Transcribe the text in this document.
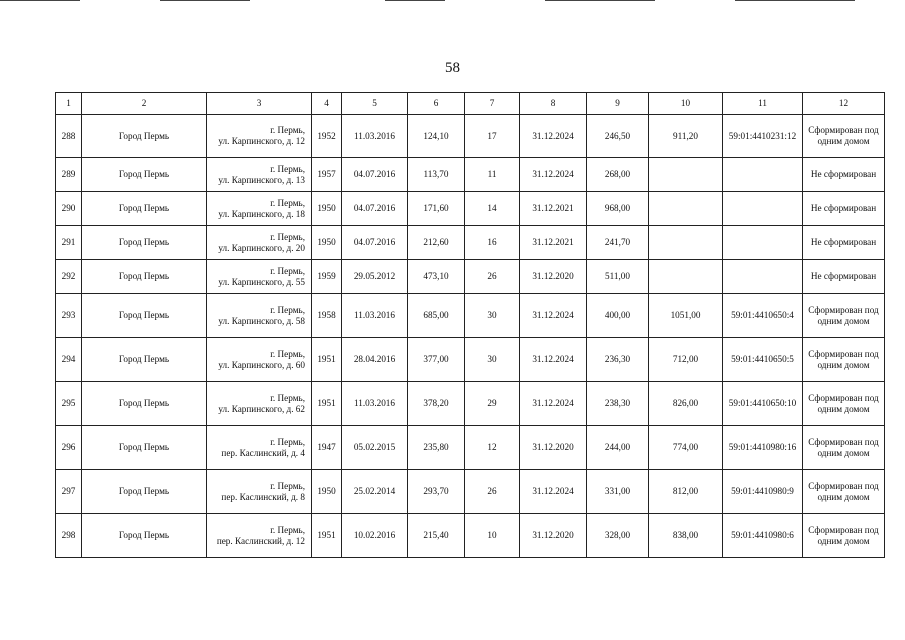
58
1	2	3	4	5	6	7	8	9	10	11	12
288	Город Пермь	г. Пермь,
ул. Карпинского, д. 12	1952	11.03.2016	124,10	17	31.12.2024	246,50	911,20	59:01:4410231:12	Сформирован под одним домом
289	Город Пермь	г. Пермь,
ул. Карпинского, д. 13	1957	04.07.2016	113,70	11	31.12.2024	268,00			Не сформирован
290	Город Пермь	г. Пермь,
ул. Карпинского, д. 18	1950	04.07.2016	171,60	14	31.12.2021	968,00			Не сформирован
291	Город Пермь	г. Пермь,
ул. Карпинского, д. 20	1950	04.07.2016	212,60	16	31.12.2021	241,70			Не сформирован
292	Город Пермь	г. Пермь,
ул. Карпинского, д. 55	1959	29.05.2012	473,10	26	31.12.2020	511,00			Не сформирован
293	Город Пермь	г. Пермь,
ул. Карпинского, д. 58	1958	11.03.2016	685,00	30	31.12.2024	400,00	1051,00	59:01:4410650:4	Сформирован под одним домом
294	Город Пермь	г. Пермь,
ул. Карпинского, д. 60	1951	28.04.2016	377,00	30	31.12.2024	236,30	712,00	59:01:4410650:5	Сформирован под одним домом
295	Город Пермь	г. Пермь,
ул. Карпинского, д. 62	1951	11.03.2016	378,20	29	31.12.2024	238,30	826,00	59:01:4410650:10	Сформирован под одним домом
296	Город Пермь	г. Пермь,
пер. Каслинский, д. 4	1947	05.02.2015	235,80	12	31.12.2020	244,00	774,00	59:01:4410980:16	Сформирован под одним домом
297	Город Пермь	г. Пермь,
пер. Каслинский, д. 8	1950	25.02.2014	293,70	26	31.12.2024	331,00	812,00	59:01:4410980:9	Сформирован под одним домом
298	Город Пермь	г. Пермь,
пер. Каслинский, д. 12	1951	10.02.2016	215,40	10	31.12.2020	328,00	838,00	59:01:4410980:6	Сформирован под одним домом
